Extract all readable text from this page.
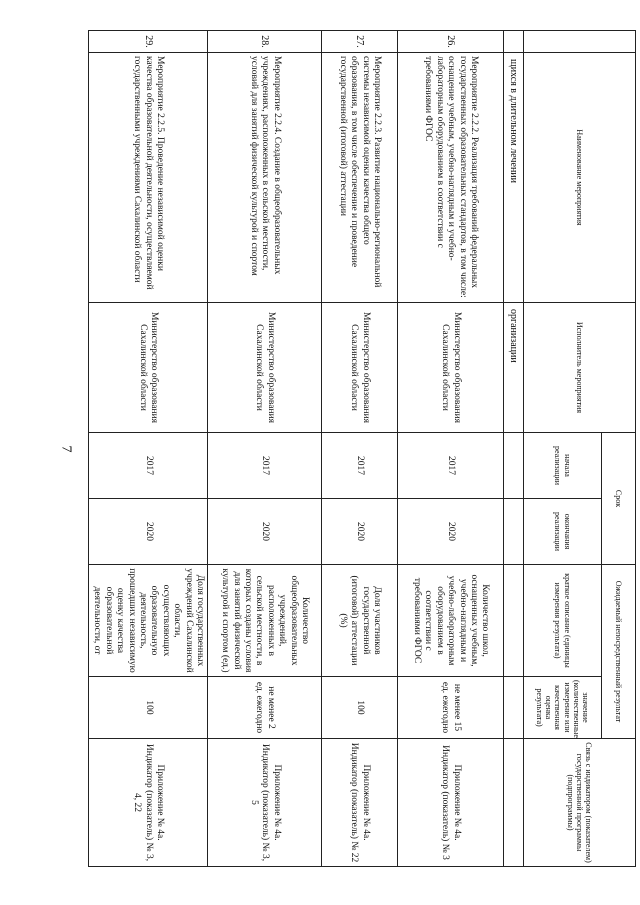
7
	Наименование мероприятия	Исполнитель мероприятия	Срок		Ожидаемый непосредственный результат		Связь с индикатором (показателем) государственной программы (подпрограммы)
			начала реализации	окончания реализации	краткое описание (единицы измерения результата)	значение (количественные измерение или качественная оценка результата)	
	щихся в длительном лечении	организации					
26.	Мероприятие 2.2.2. Реализация требований федеральных государственных образовательных стандартов, в том числе: оснащение учебным, учебно-наглядным и учебно-лабораторным оборудованием в соответствии с требованиями ФГОС	Министерство образования Сахалинской области	2017	2020	Количество школ, оснащенных учебным, учебно-наглядным и учебно-лабораторным оборудованием в соответствии с требованиями ФГОС	не менее 15 ед. ежегодно	Приложение № 4а. Индикатор (показатель) № 3
27.	Мероприятие 2.2.3. Развитие национально-региональной системы независимой оценки качества общего образования, в том числе обеспечение и проведение государственной (итоговой) аттестации	Министерство образования Сахалинской области	2017	2020	Доля участников государственной (итоговой) аттестации (%)	100	Приложение № 4а. Индикатор (показатель) № 22
28.	Мероприятие 2.2.4. Создание в общеобразовательных учреждениях, расположенных в сельской местности, условий для занятий физической культурой и спортом	Министерство образования Сахалинской области	2017	2020	Количество общеобразовательных учреждений, расположенных в сельской местности, в которых созданы условия для занятий физической культурой и спортом (ед.)	не менее 2 ед. ежегодно	Приложение № 4а. Индикатор (показатель) № 3, 5
29.	Мероприятие 2.2.5. Проведение независимой оценки качества образовательной деятельности, осуществляемой государственными учреждениями Сахалинской области	Министерство образования Сахалинской области	2017	2020	Доля государственных учреждений Сахалинской области, осуществляющих образовательную деятельность, прошедших независимую оценку качества образовательной деятельности, от	100	Приложение № 4а. Индикатор (показатель) № 3, 4, 22
